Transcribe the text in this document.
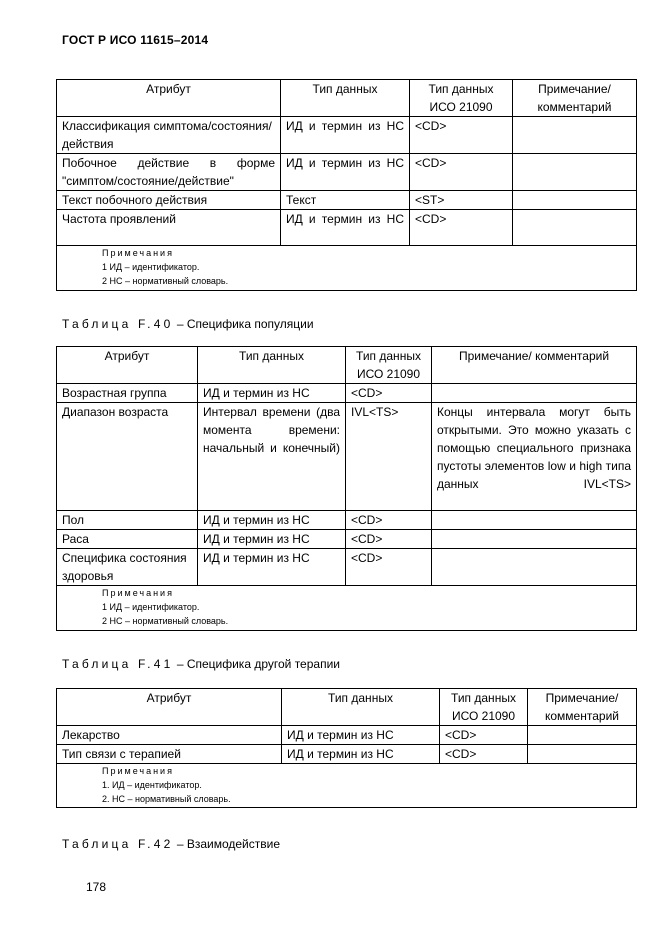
ГОСТ Р ИСО 11615–2014
Атрибут	Тип данных	Тип данных ИСО 21090	Примечание/ комментарий
Классификация симптома/состояния/действия	ИД и термин из НС	<CD>	
Побочное действие в форме "симптом/состояние/действие"	ИД и термин из НС	<CD>	
Текст побочного действия	Текст	<ST>	
Частота проявлений	ИД и термин из НС	<CD>	

Примечания
1 ИД – идентификатор.
2 НС – нормативный словарь.			
Таблица F.40 – Специфика популяции
Атрибут	Тип данных	Тип данных ИСО 21090	Примечание/ комментарий
Возрастная группа	ИД и термин из НС	<CD>	
Диапазон возраста	Интервал времени (два момента времени: начальный и конечный)	IVL<TS>	Концы интервала могут быть открытыми. Это можно указать с помощью специального признака пустоты элементов low и high типа данных IVL<TS>
Пол	ИД и термин из НС	<CD>	
Раса	ИД и термин из НС	<CD>	
Специфика состояния здоровья	ИД и термин из НС	<CD>	

Примечания
1 ИД – идентификатор.
2 НС – нормативный словарь.			
Таблица F.41 – Специфика другой терапии
Атрибут	Тип данных	Тип данных ИСО 21090	Примечание/ комментарий
Лекарство	ИД и термин из НС	<CD>	
Тип связи с терапией	ИД и термин из НС	<CD>	

Примечания
1. ИД – идентификатор.
2. НС – нормативный словарь.			
Таблица F.42 – Взаимодействие
178
